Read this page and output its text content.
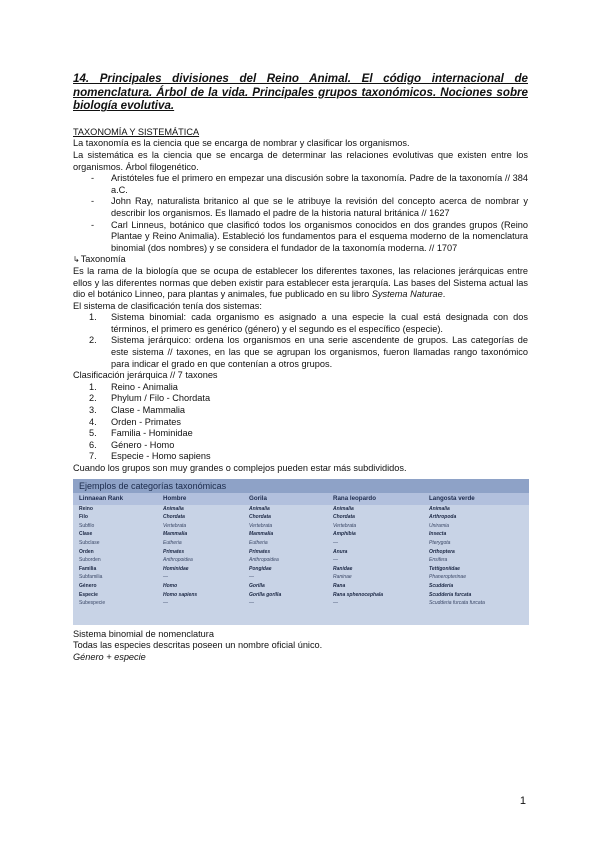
14. Principales divisiones del Reino Animal. El código internacional de nomenclatura. Árbol de la vida. Principales grupos taxonómicos. Nociones sobre biología evolutiva.

TAXONOMÍA Y SISTEMÁTICA

La taxonomía es la ciencia que se encarga de nombrar y clasificar los organismos.

La sistemática es la ciencia que se encarga de determinar las relaciones evolutivas que existen entre los organismos. Árbol filogenético.

- Aristóteles fue el primero en empezar una discusión sobre la taxonomía. Padre de la taxonomía // 384 a.C.
- John Ray, naturalista britanico al que se le atribuye la revisión del concepto acerca de nombrar y describir los organismos. Es llamado el padre de la historia natural británica // 1627
- Carl Linneus, botánico que clasificó todos los organismos conocidos en dos grandes grupos (Reino Plantae y Reino Animalia). Estableció los fundamentos para el esquema moderno de la nomenclatura binomial (dos nombres) y se considera el fundador de la taxonomía moderna. // 1707

↳Taxonomía

Es la rama de la biología que se ocupa de establecer los diferentes taxones, las relaciones jerárquicas entre ellos y las diferentes normas que deben existir para establecer esta jerarquía. Las bases del Sistema actual las dio el botánico Linneo, para plantas y animales, fue publicado en su libro Systema Naturae.

El sistema de clasificación tenía dos sistemas:

1. Sistema binomial: cada organismo es asignado a una especie la cual está designada con dos términos, el primero es genérico (género) y el segundo es el específico (especie).
2. Sistema jerárquico: ordena los organismos en una serie ascendente de grupos. Las categorías de este sistema // taxones, en las que se agrupan los organismos, fueron llamadas rango taxonómico para indicar el grado en que contenían a otros grupos.

Clasificación jerárquica // 7 taxones

1. Reino - Animalia
2. Phylum / Filo - Chordata
3. Clase - Mammalia
4. Orden - Primates
5. Familia - Hominidae
6. Género - Homo
7. Especie - Homo sapiens

Cuando los grupos son muy grandes o complejos pueden estar más subdivididos.

Ejemplos de categorías taxonómicas
Linnaean Rank	Hombre	Gorila	Rana leopardo	Langosta verde
Reino	Animalia	Animalia	Animalia	Animalia
Filo	Chordata	Chordata	Chordata	Arthropoda
Subfilo	Vertebrata	Vertebrata	Vertebrata	Uniramia
Clase	Mammalia	Mammalia	Amphibia	Insecta
Subclase	Eutheria	Eutheria	—	Pterygota
Orden	Primates	Primates	Anura	Orthoptera
Suborden	Anthropoidea	Anthropoidea	—	Ensifera
Familia	Hominidae	Pongidae	Ranidae	Tettigoniidae
Subfamilia	—	—	Raninae	Phaneropterinae
Género	Homo	Gorilla	Rana	Scudderia
Especie	Homo sapiens	Gorilla gorilla	Rana sphenocephala	Scudderia furcata
Subespecie	—	—	—	Scudderia furcata furcata

Sistema binomial de nomenclatura

Todas las especies descritas poseen un nombre oficial único.

Género + especie

1
